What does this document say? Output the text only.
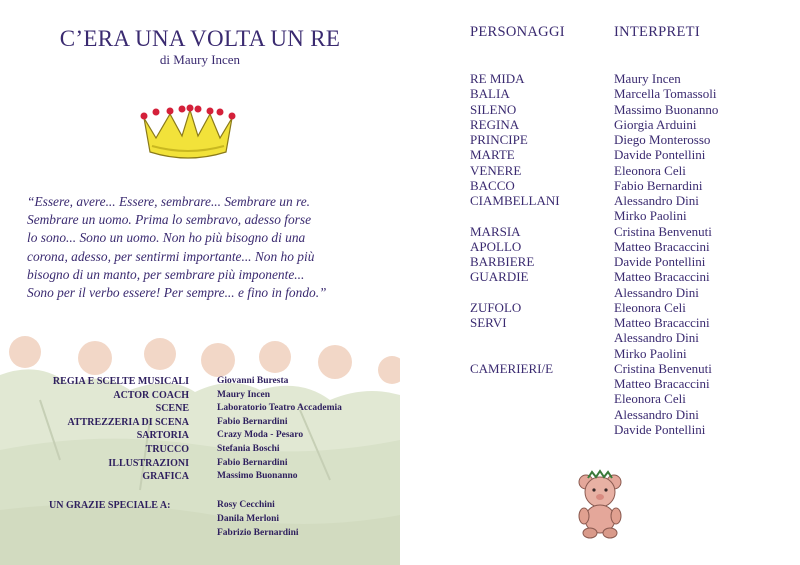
C’ERA UNA VOLTA UN RE
di Maury Incen
“Essere, avere... Essere, sembrare... Sembrare un re.
Sembrare un uomo. Prima lo sembravo, adesso forse
lo sono... Sono un uomo. Non ho più bisogno di una
corona, adesso, per sentirmi importante... Non ho più
bisogno di un manto, per sembrare più imponente...
Sono per il verbo essere! Per sempre... e fino in fondo.”
REGIA E SCELTE MUSICALI	Giovanni Buresta
ACTOR COACH	Maury Incen
SCENE	Laboratorio Teatro Accademia
ATTREZZERIA DI SCENA	Fabio Bernardini
SARTORIA	Crazy Moda - Pesaro
TRUCCO	Stefania Boschi
ILLUSTRAZIONI	Fabio Bernardini
GRAFICA	Massimo Buonanno
UN GRAZIE SPECIALE A:	Rosy Cecchini
Danila Merloni
Fabrizio Bernardini
PERSONAGGI	INTERPRETI
RE MIDA	Maury Incen
BALIA	Marcella Tomassoli
SILENO	Massimo Buonanno
REGINA	Giorgia Arduini
PRINCIPE	Diego Monterosso
MARTE	Davide Pontellini
VENERE	Eleonora Celi
BACCO	Fabio Bernardini
CIAMBELLANI	Alessandro Dini
Mirko Paolini
MARSIA	Cristina Benvenuti
APOLLO	Matteo Bracaccini
BARBIERE	Davide Pontellini
GUARDIE	Matteo Bracaccini
Alessandro Dini
ZUFOLO	Eleonora Celi
SERVI	Matteo Bracaccini
Alessandro Dini
Mirko Paolini
CAMERIERI/E	Cristina Benvenuti
Matteo Bracaccini
Eleonora Celi
Alessandro Dini
Davide Pontellini
